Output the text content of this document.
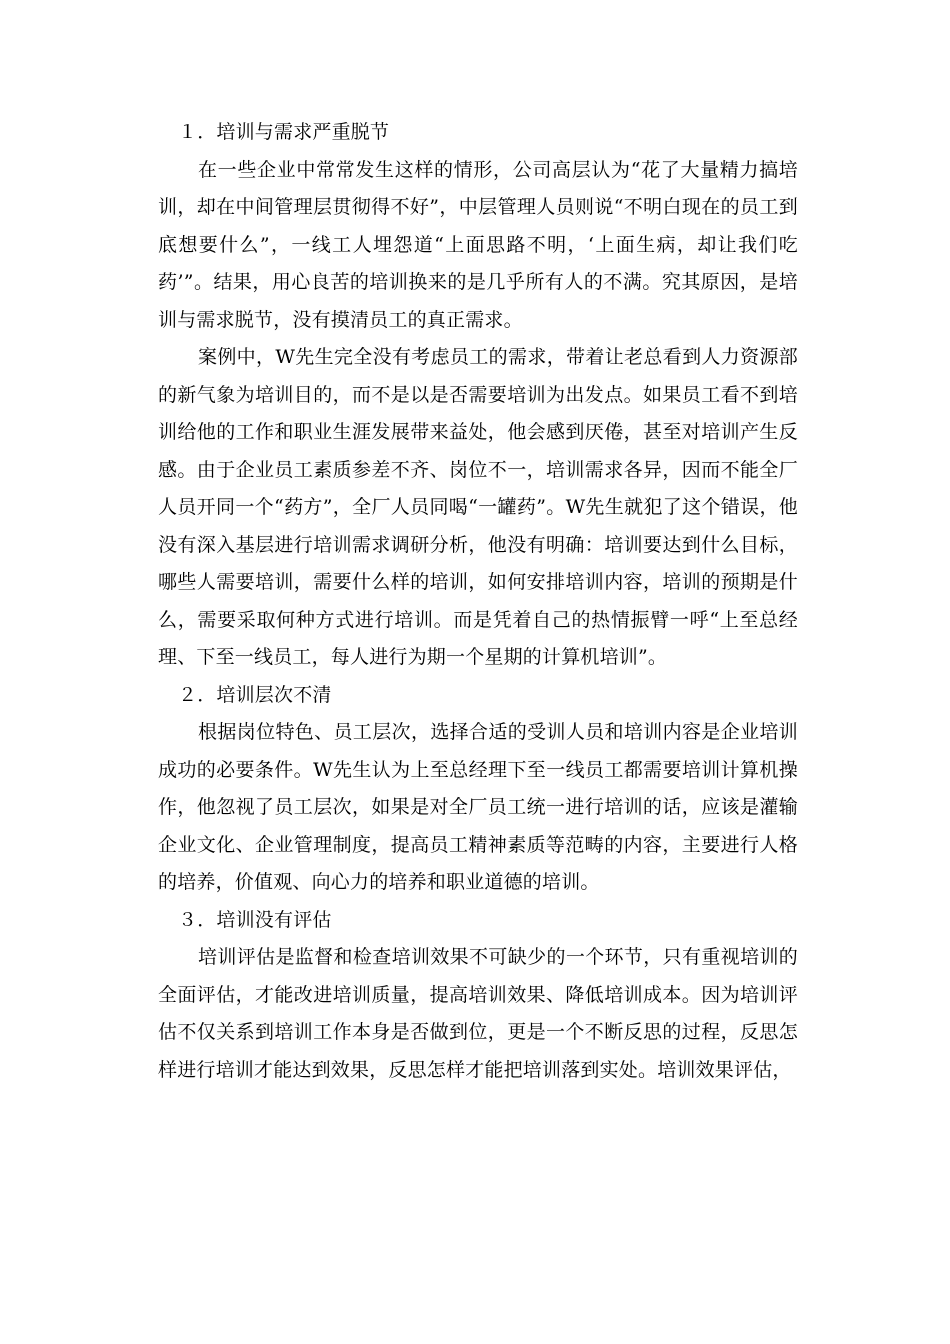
１．培训与需求严重脱节

在一些企业中常常发生这样的情形，公司高层认为“花了大量精力搞培训，却在中间管理层贯彻得不好”，中层管理人员则说“不明白现在的员工到底想要什么”，一线工人埋怨道“上面思路不明，‘上面生病，却让我们吃药’”。结果，用心良苦的培训换来的是几乎所有人的不满。究其原因，是培训与需求脱节，没有摸清员工的真正需求。

案例中，W先生完全没有考虑员工的需求，带着让老总看到人力资源部的新气象为培训目的，而不是以是否需要培训为出发点。如果员工看不到培训给他的工作和职业生涯发展带来益处，他会感到厌倦，甚至对培训产生反感。由于企业员工素质参差不齐、岗位不一，培训需求各异，因而不能全厂人员开同一个“药方”，全厂人员同喝“一罐药”。W先生就犯了这个错误，他没有深入基层进行培训需求调研分析，他没有明确：培训要达到什么目标，哪些人需要培训，需要什么样的培训，如何安排培训内容，培训的预期是什么，需要采取何种方式进行培训。而是凭着自己的热情振臂一呼“上至总经理、下至一线员工，每人进行为期一个星期的计算机培训”。

２．培训层次不清

根据岗位特色、员工层次，选择合适的受训人员和培训内容是企业培训成功的必要条件。W先生认为上至总经理下至一线员工都需要培训计算机操作，他忽视了员工层次，如果是对全厂员工统一进行培训的话，应该是灌输企业文化、企业管理制度，提高员工精神素质等范畴的内容，主要进行人格的培养，价值观、向心力的培养和职业道德的培训。

３．培训没有评估

培训评估是监督和检查培训效果不可缺少的一个环节，只有重视培训的全面评估，才能改进培训质量，提高培训效果、降低培训成本。因为培训评估不仅关系到培训工作本身是否做到位，更是一个不断反思的过程，反思怎样进行培训才能达到效果，反思怎样才能把培训落到实处。培训效果评估，
